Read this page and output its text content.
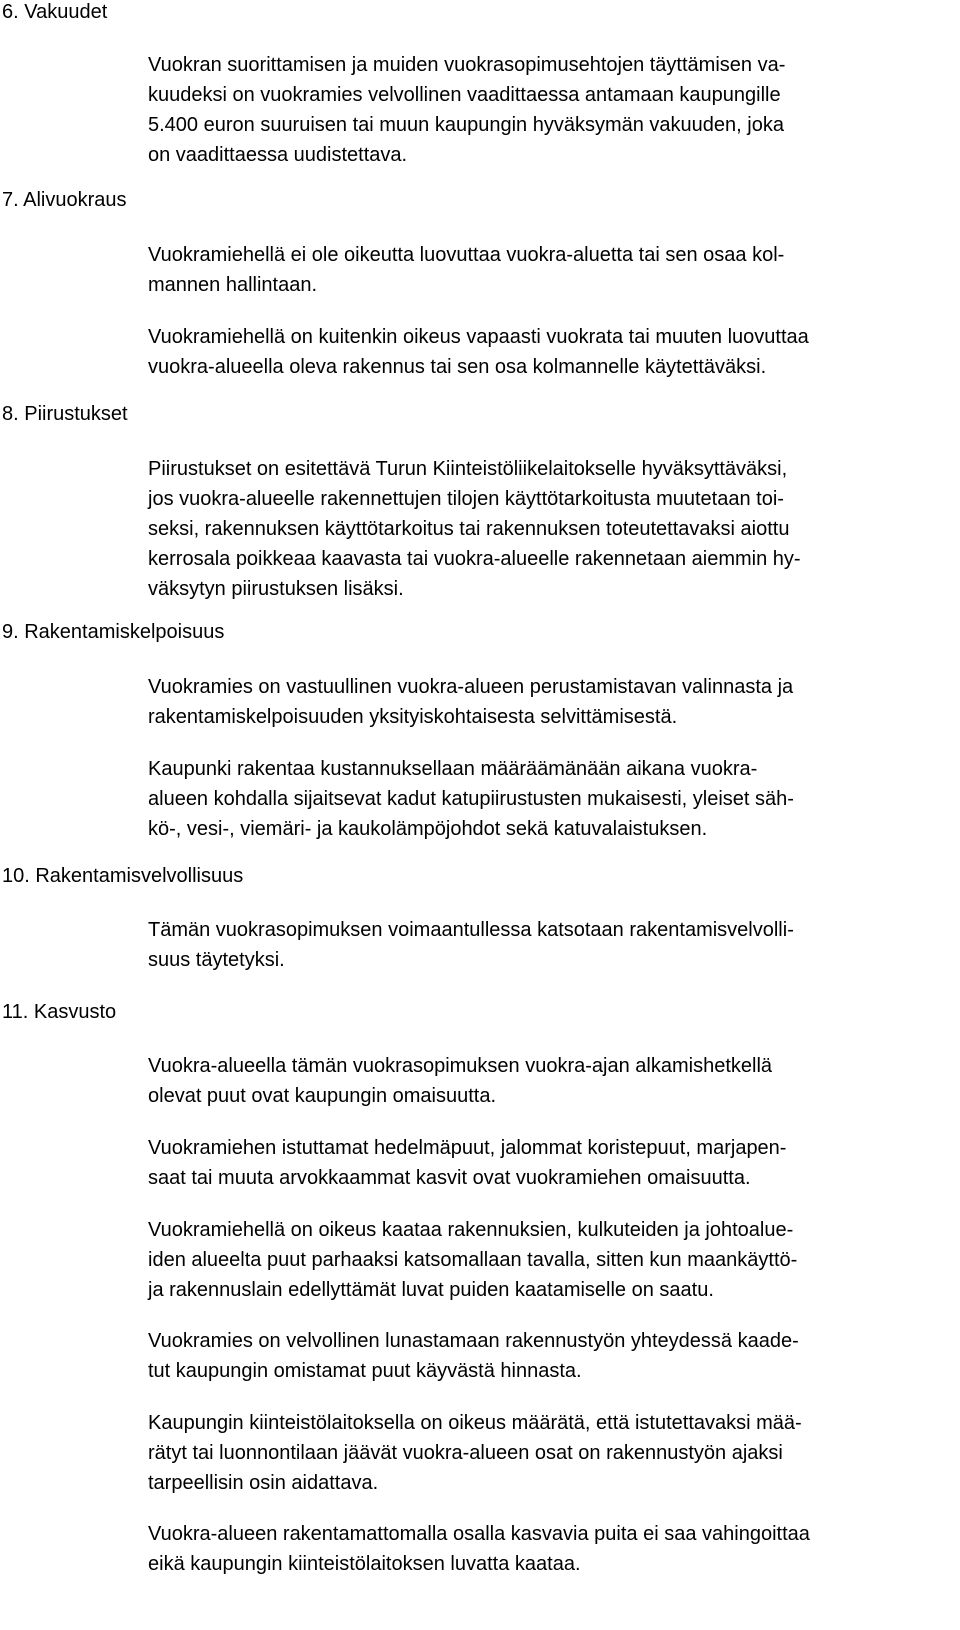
6. Vakuudet

Vuokran suorittamisen ja muiden vuokrasopimusehtojen täyttämisen va-
kuudeksi on vuokramies velvollinen vaadittaessa antamaan kaupungille
5.400 euron suuruisen tai muun kaupungin hyväksymän vakuuden, joka
on vaadittaessa uudistettava.

7. Alivuokraus

Vuokramiehellä ei ole oikeutta luovuttaa vuokra-aluetta tai sen osaa kol-
mannen hallintaan.

Vuokramiehellä on kuitenkin oikeus vapaasti vuokrata tai muuten luovuttaa
vuokra-alueella oleva rakennus tai sen osa kolmannelle käytettäväksi.

8. Piirustukset

Piirustukset on esitettävä Turun Kiinteistöliikelaitokselle hyväksyttäväksi,
jos vuokra-alueelle rakennettujen tilojen käyttötarkoitusta muutetaan toi-
seksi, rakennuksen käyttötarkoitus tai rakennuksen toteutettavaksi aiottu
kerrosala poikkeaa kaavasta tai vuokra-alueelle rakennetaan aiemmin hy-
väksytyn piirustuksen lisäksi.

9. Rakentamiskelpoisuus

Vuokramies on vastuullinen vuokra-alueen perustamistavan valinnasta ja
rakentamiskelpoisuuden yksityiskohtaisesta selvittämisestä.

Kaupunki rakentaa kustannuksellaan määräämänään aikana vuokra-
alueen kohdalla sijaitsevat kadut katupiirustusten mukaisesti, yleiset säh-
kö-, vesi-, viemäri- ja kaukolämpöjohdot sekä katuvalaistuksen.

10. Rakentamisvelvollisuus

Tämän vuokrasopimuksen voimaantullessa katsotaan rakentamisvelvolli-
suus täytetyksi.

11. Kasvusto

Vuokra-alueella tämän vuokrasopimuksen vuokra-ajan alkamishetkellä
olevat puut ovat kaupungin omaisuutta.

Vuokramiehen istuttamat hedelmäpuut, jalommat koristepuut, marjapen-
saat tai muuta arvokkaammat kasvit ovat vuokramiehen omaisuutta.

Vuokramiehellä on oikeus kaataa rakennuksien, kulkuteiden ja johtoalue-
iden alueelta puut parhaaksi katsomallaan tavalla, sitten kun maankäyttö-
ja rakennuslain edellyttämät luvat puiden kaatamiselle on saatu.

Vuokramies on velvollinen lunastamaan rakennustyön yhteydessä kaade-
tut kaupungin omistamat puut käyvästä hinnasta.

Kaupungin kiinteistölaitoksella on oikeus määrätä, että istutettavaksi mää-
rätyt tai luonnontilaan jäävät vuokra-alueen osat on rakennustyön ajaksi
tarpeellisin osin aidattava.

Vuokra-alueen rakentamattomalla osalla kasvavia puita ei saa vahingoittaa
eikä kaupungin kiinteistölaitoksen luvatta kaataa.
